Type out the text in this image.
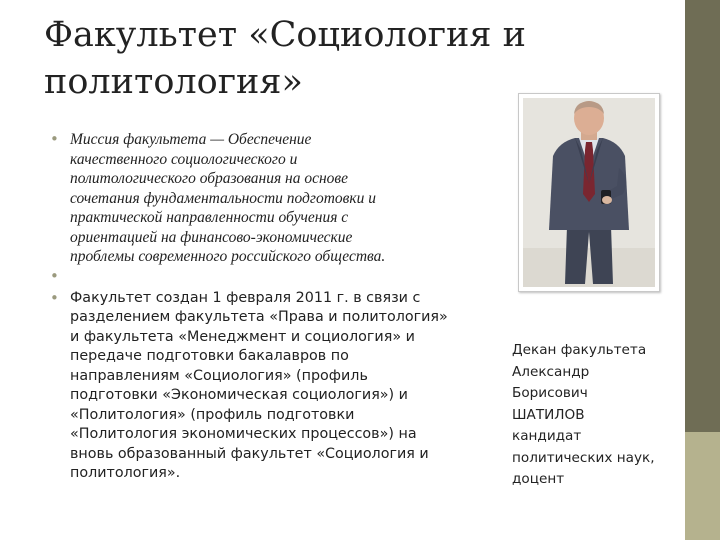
Факультет «Социология и
политология»
• Миссия факультета — Обеспечение
качественного социологического и
политологического образования на основе
сочетания фундаментальности подготовки и
практической направленности обучения с
ориентацией на финансово-экономические
проблемы современного российского общества.
•
• Факультет создан 1 февраля 2011 г. в связи с
разделением факультета «Права и политология»
и факультета «Менеджмент и социология» и
передаче подготовки бакалавров по
направлениям «Социология» (профиль
подготовки «Экономическая социология») и
«Политология» (профиль подготовки
«Политология экономических процессов») на
вновь образованный факультет «Социология и
политология».
Декан факультета
Александр
Борисович
ШАТИЛОВ
кандидат
политических наук,
доцент
